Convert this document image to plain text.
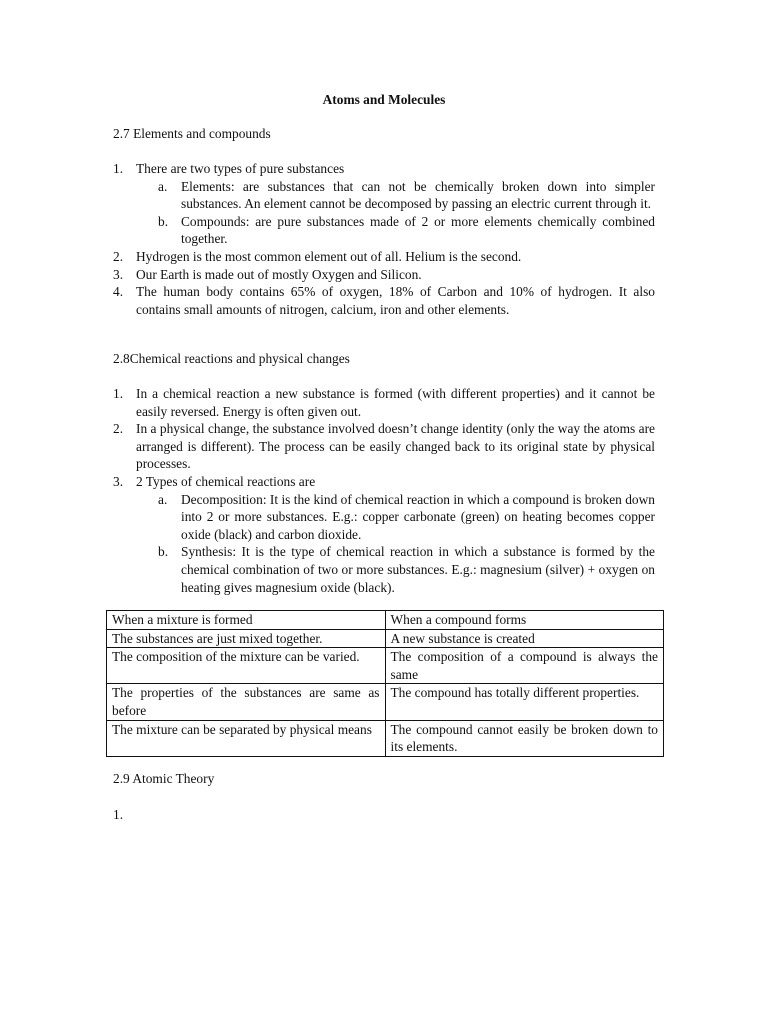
Atoms and Molecules
2.7 Elements and compounds
1. There are two types of pure substances
a.	Elements: are substances that can not be chemically broken down into simpler substances. An element cannot be decomposed by passing an electric current through it.
b. Compounds: are pure substances made of 2 or more elements chemically combined together.
2. Hydrogen is the most common element out of all. Helium is the second.
3. Our Earth is made out of mostly Oxygen and Silicon.
4. The human body contains 65% of oxygen, 18% of Carbon and 10% of hydrogen. It also contains small amounts of nitrogen, calcium, iron and other elements.
2.8Chemical reactions and physical changes
1. In a chemical reaction a new substance is formed (with different properties) and it cannot be easily reversed. Energy is often given out.
2. In a physical change, the substance involved doesn’t change identity (only the way the atoms are arranged is different). The process can be easily changed back to its original state by physical processes.
3. 2 Types of chemical reactions are
a.	Decomposition: It is the kind of chemical reaction in which a compound is broken down into 2 or more substances. E.g.: copper carbonate (green) on heating becomes copper oxide (black) and carbon dioxide.
b. Synthesis: It is the type of chemical reaction in which a substance is formed by the chemical combination of two or more substances. E.g.: magnesium (silver) + oxygen on heating gives magnesium oxide (black).
When a mixture is formed	When a compound forms
The substances are just mixed together.	A new substance is created
The composition of the mixture can be varied.	The composition of a compound is always the same
The properties of the substances are same as before	The compound has totally different properties.
The mixture can be separated by physical means	The compound cannot easily be broken down to its elements.
2.9 Atomic Theory
1.
